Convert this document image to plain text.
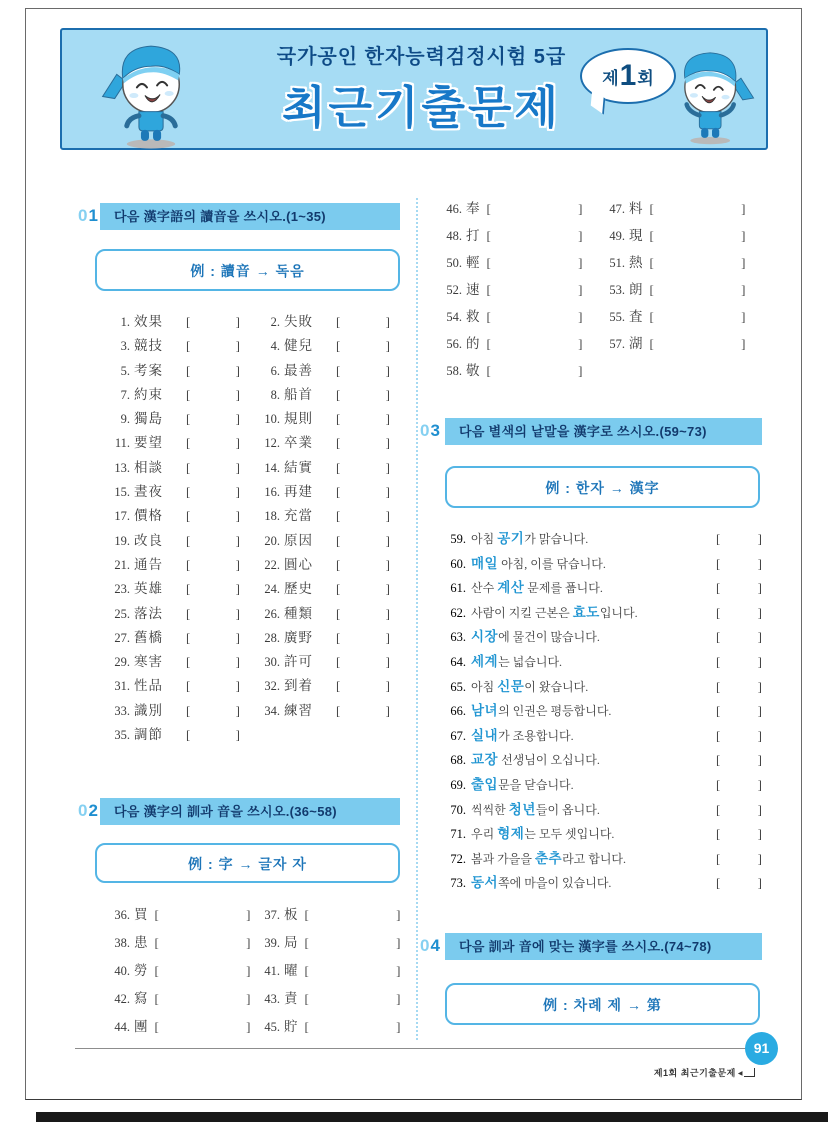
국가공인 한자능력검정시험 5급
최근기출문제
제 1 회
01	다음 漢字語의 讀音을 쓰시오.(1~35)
例 : 讀音 → 독음
1. 效果 [	]	2. 失敗 [	]
3. 競技 [	]	4. 健兒 [	]
5. 考案 [	]	6. 最善 [	]
7. 約束 [	]	8. 船首 [	]
9. 獨島 [	]	10. 規則 [	]
11. 要望 [	]	12. 卒業 [	]
13. 相談 [	]	14. 結實 [	]
15. 晝夜 [	]	16. 再建 [	]
17. 價格 [	]	18. 充當 [	]
19. 改良 [	]	20. 原因 [	]
21. 通告 [	]	22. 圓心 [	]
23. 英雄 [	]	24. 歷史 [	]
25. 落法 [	]	26. 種類 [	]
27. 舊橋 [	]	28. 廣野 [	]
29. 寒害 [	]	30. 許可 [	]
31. 性品 [	]	32. 到着 [	]
33. 識別 [	]	34. 練習 [	]
35. 調節 [	]
02	다음 漢字의 訓과 音을 쓰시오.(36~58)
例 : 字 → 글자 자
36. 買 [	]	37. 板 [	]
38. 患 [	]	39. 局 [	]
40. 勞 [	]	41. 曜 [	]
42. 寫 [	]	43. 責 [	]
44. 團 [	]	45. 貯 [	]
46. 奉 [	]	47. 料 [	]
48. 打 [	]	49. 現 [	]
50. 輕 [	]	51. 熱 [	]
52. 速 [	]	53. 朗 [	]
54. 救 [	]	55. 査 [	]
56. 的 [	]	57. 湖 [	]
58. 敬 [	]
03	다음 별색의 낱말을 漢字로 쓰시오.(59~73)
例 : 한자 → 漢字
59. 아침 공기가 맑습니다.	[	]
60. 매일 아침, 이를 닦습니다.	[	]
61. 산수 계산 문제를 풉니다.	[	]
62. 사람이 지킬 근본은 효도입니다.	[	]
63. 시장에 물건이 많습니다.	[	]
64. 세계는 넓습니다.	[	]
65. 아침 신문이 왔습니다.	[	]
66. 남녀의 인권은 평등합니다.	[	]
67. 실내가 조용합니다.	[	]
68. 교장 선생님이 오십니다.	[	]
69. 출입문을 닫습니다.	[	]
70. 씩씩한 청년들이 옵니다.	[	]
71. 우리 형제는 모두 셋입니다.	[	]
72. 봄과 가을을 춘추라고 합니다.	[	]
73. 동서쪽에 마을이 있습니다.	[	]
04	다음 訓과 音에 맞는 漢字를 쓰시오.(74~78)
例 : 차례 제 → 第
91
제1회 최근기출문제 ◀
